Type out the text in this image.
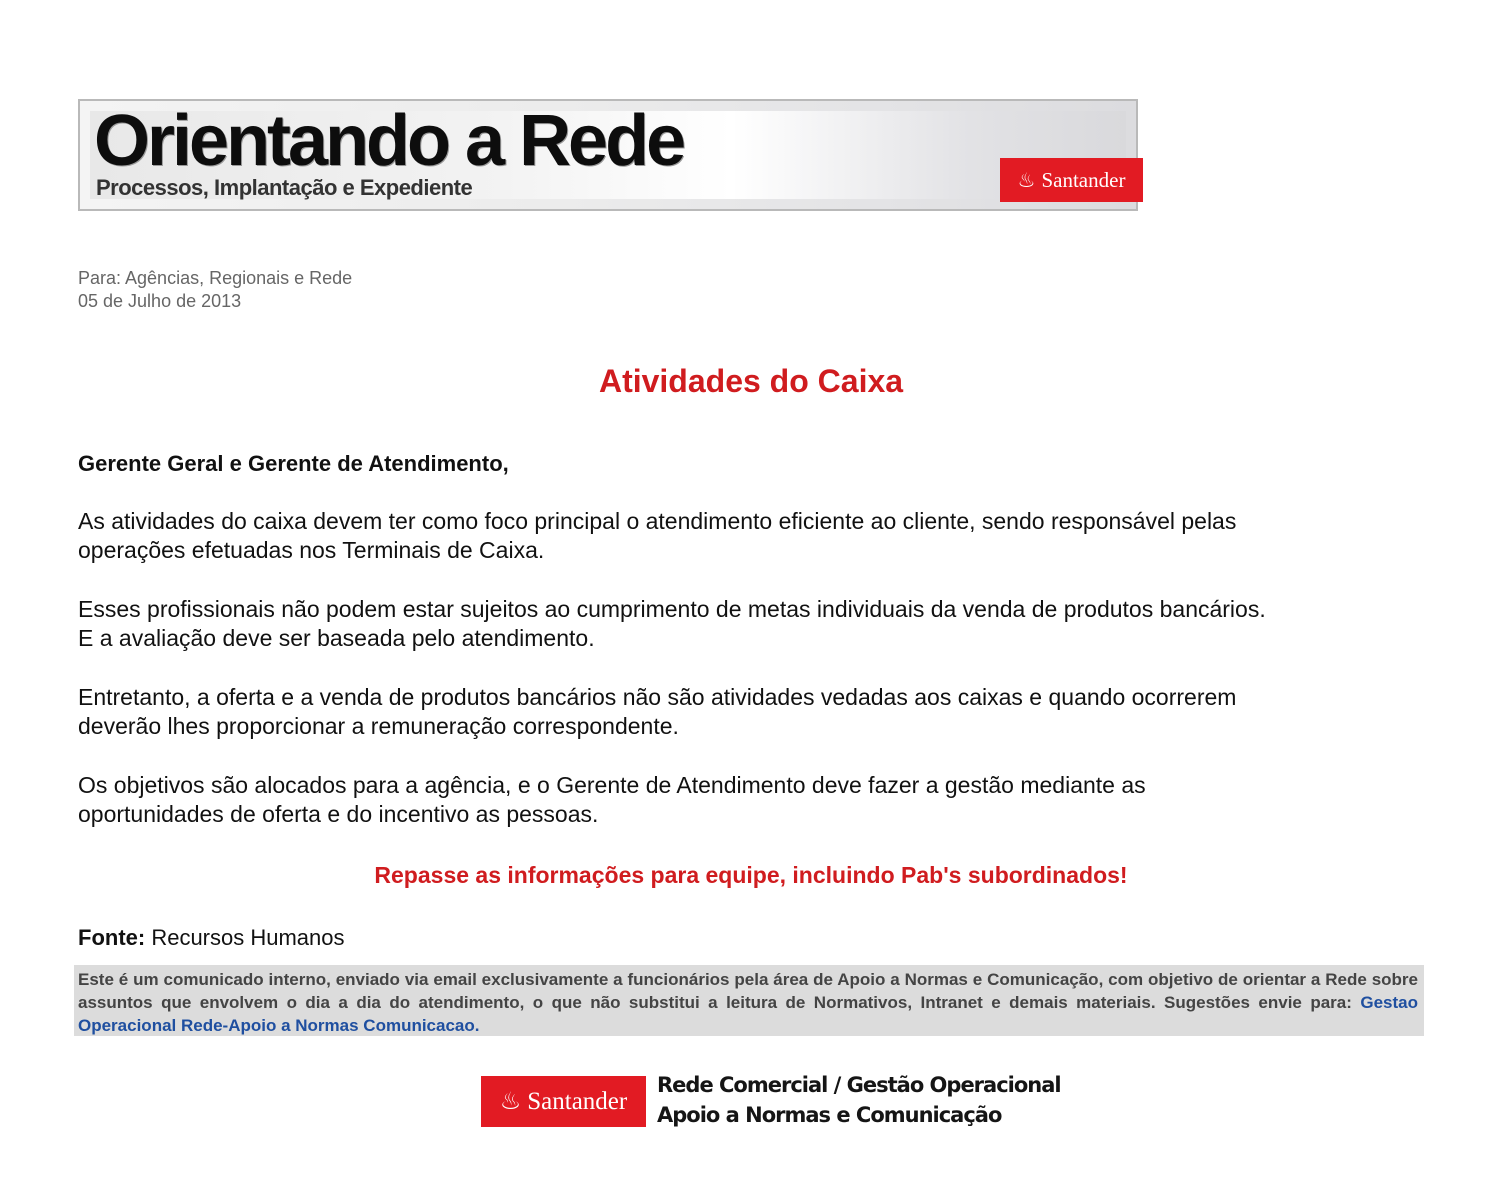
Orientando a Rede
Processos, Implantação e Expediente	♨ Santander
Para: Agências, Regionais e Rede
05 de Julho de 2013
Atividades do Caixa
Gerente Geral e Gerente de Atendimento,
As atividades do caixa devem ter como foco principal o atendimento eficiente ao cliente, sendo responsável pelas
operações efetuadas nos Terminais de Caixa.
Esses profissionais não podem estar sujeitos ao cumprimento de metas individuais da venda de produtos bancários.
E a avaliação deve ser baseada pelo atendimento.
Entretanto, a oferta e a venda de produtos bancários não são atividades vedadas aos caixas e quando ocorrerem
deverão lhes proporcionar a remuneração correspondente.
Os objetivos são alocados para a agência, e o Gerente de Atendimento deve fazer a gestão mediante as
oportunidades de oferta e do incentivo as pessoas.
Repasse as informações para equipe, incluindo Pab's subordinados!
Fonte: Recursos Humanos
Este é um comunicado interno, enviado via email exclusivamente a funcionários pela área de Apoio a Normas e Comunicação, com objetivo de orientar a Rede sobre assuntos que envolvem o dia a dia do atendimento, o que não substitui a leitura de Normativos, Intranet e demais materiais. Sugestões envie para: Gestao Operacional Rede-Apoio a Normas Comunicacao.
♨ Santander
Rede Comercial / Gestão Operacional
Apoio a Normas e Comunicação
